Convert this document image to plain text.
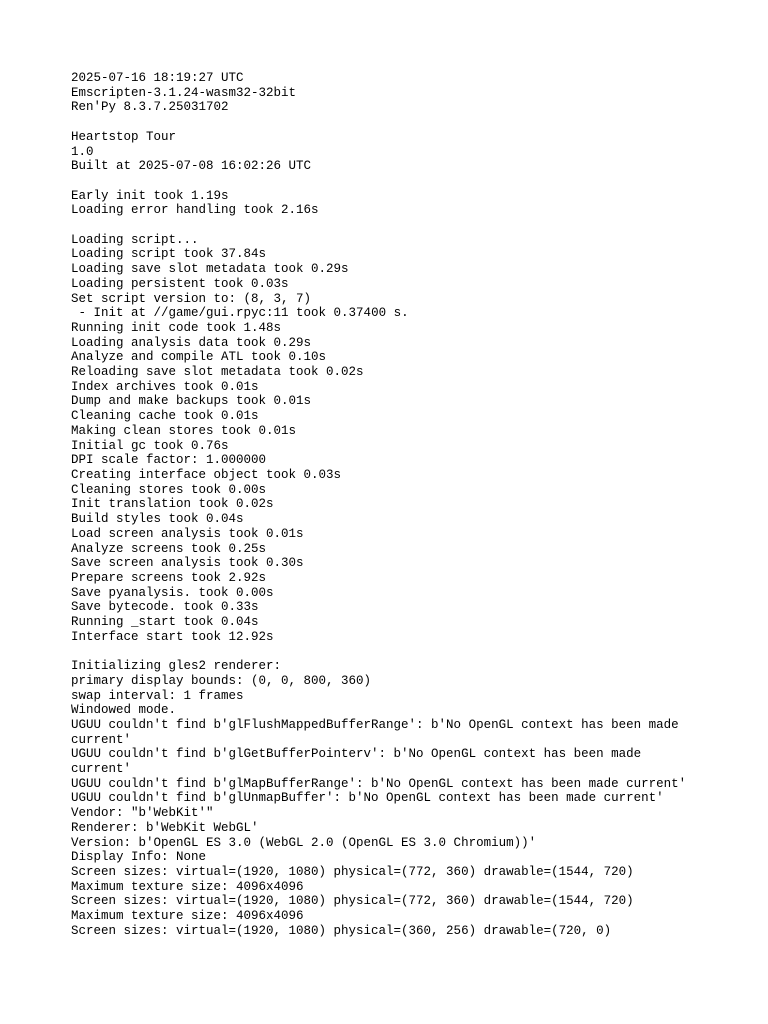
2025-07-16 18:19:27 UTC
Emscripten-3.1.24-wasm32-32bit
Ren'Py 8.3.7.25031702

Heartstop Tour
1.0
Built at 2025-07-08 16:02:26 UTC

Early init took 1.19s
Loading error handling took 2.16s

Loading script...
Loading script took 37.84s
Loading save slot metadata took 0.29s
Loading persistent took 0.03s
Set script version to: (8, 3, 7)
- Init at //game/gui.rpyc:11 took 0.37400 s.
Running init code took 1.48s
Loading analysis data took 0.29s
Analyze and compile ATL took 0.10s
Reloading save slot metadata took 0.02s
Index archives took 0.01s
Dump and make backups took 0.01s
Cleaning cache took 0.01s
Making clean stores took 0.01s
Initial gc took 0.76s
DPI scale factor: 1.000000
Creating interface object took 0.03s
Cleaning stores took 0.00s
Init translation took 0.02s
Build styles took 0.04s
Load screen analysis took 0.01s
Analyze screens took 0.25s
Save screen analysis took 0.30s
Prepare screens took 2.92s
Save pyanalysis. took 0.00s
Save bytecode. took 0.33s
Running _start took 0.04s
Interface start took 12.92s

Initializing gles2 renderer:
primary display bounds: (0, 0, 800, 360)
swap interval: 1 frames
Windowed mode.
UGUU couldn't find b'glFlushMappedBufferRange': b'No OpenGL context has been made current'
UGUU couldn't find b'glGetBufferPointerv': b'No OpenGL context has been made current'
UGUU couldn't find b'glMapBufferRange': b'No OpenGL context has been made current'
UGUU couldn't find b'glUnmapBuffer': b'No OpenGL context has been made current'
Vendor: "b'WebKit'"
Renderer: b'WebKit WebGL'
Version: b'OpenGL ES 3.0 (WebGL 2.0 (OpenGL ES 3.0 Chromium))'
Display Info: None
Screen sizes: virtual=(1920, 1080) physical=(772, 360) drawable=(1544, 720)
Maximum texture size: 4096x4096
Screen sizes: virtual=(1920, 1080) physical=(772, 360) drawable=(1544, 720)
Maximum texture size: 4096x4096
Screen sizes: virtual=(1920, 1080) physical=(360, 256) drawable=(720, 0)
